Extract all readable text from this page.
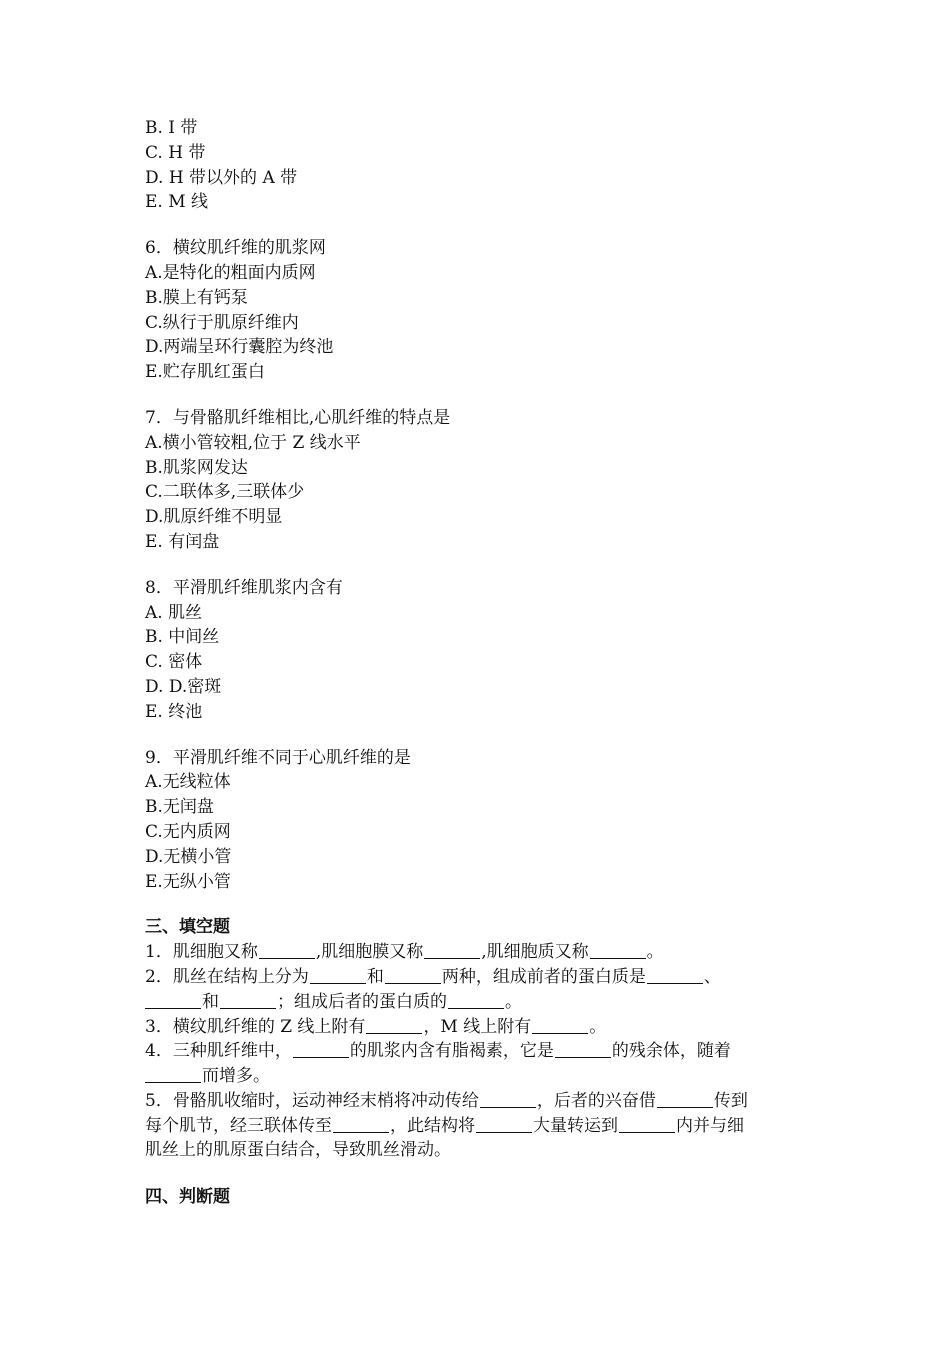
B. I 带
C. H 带
D. H 带以外的 A 带
E. M 线
6．横纹肌纤维的肌浆网
A.是特化的粗面内质网
B.膜上有钙泵
C.纵行于肌原纤维内
D.两端呈环行囊腔为终池
E.贮存肌红蛋白
7．与骨骼肌纤维相比,心肌纤维的特点是
A.横小管较粗,位于 Z 线水平
B.肌浆网发达
C.二联体多,三联体少
D.肌原纤维不明显
E. 有闰盘
8．平滑肌纤维肌浆内含有
A. 肌丝
B. 中间丝
C. 密体
D. D.密斑
E. 终池
9．平滑肌纤维不同于心肌纤维的是
A.无线粒体
B.无闰盘
C.无内质网
D.无横小管
E.无纵小管
三、填空题
1．肌细胞又称	,肌细胞膜又称	,肌细胞质又称	。
2．肌丝在结构上分为	和	两种，组成前者的蛋白质是	、
和	；组成后者的蛋白质的	。
3．横纹肌纤维的 Z 线上附有	，M 线上附有	。
4．三种肌纤维中，	的肌浆内含有脂褐素，它是	的残余体，随着
而增多。
5．骨骼肌收缩时，运动神经末梢将冲动传给	，后者的兴奋借	传到
每个肌节，经三联体传至	，此结构将	大量转运到	内并与细
肌丝上的肌原蛋白结合，导致肌丝滑动。
四、判断题
